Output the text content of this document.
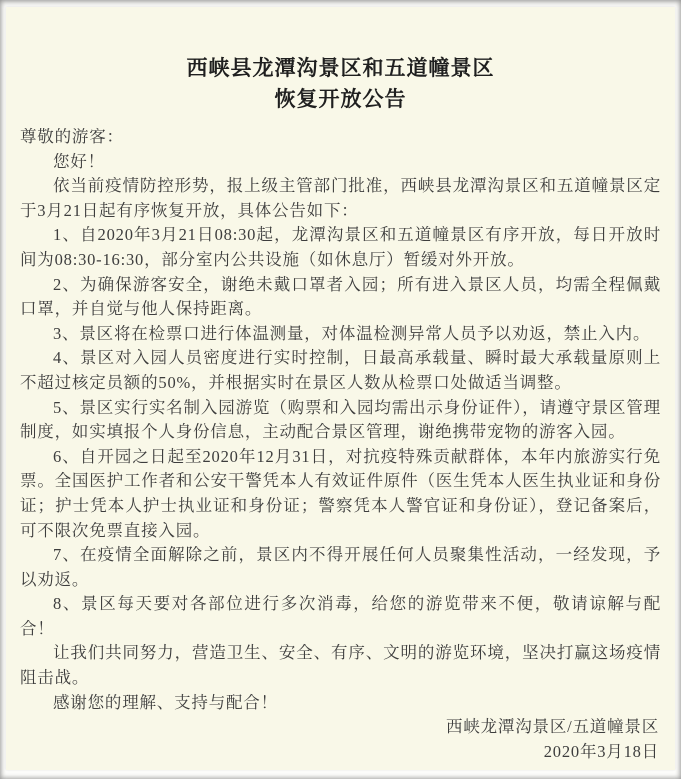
西峡县龙潭沟景区和五道幢景区
恢复开放公告

尊敬的游客：

您好！

依当前疫情防控形势，报上级主管部门批准，西峡县龙潭沟景区和五道幢景区定于3月21日起有序恢复开放，具体公告如下：

1、自2020年3月21日08:30起，龙潭沟景区和五道幢景区有序开放，每日开放时间为08:30-16:30，部分室内公共设施（如休息厅）暂缓对外开放。

2、为确保游客安全，谢绝未戴口罩者入园；所有进入景区人员，均需全程佩戴口罩，并自觉与他人保持距离。

3、景区将在检票口进行体温测量，对体温检测异常人员予以劝返，禁止入内。

4、景区对入园人员密度进行实时控制，日最高承载量、瞬时最大承载量原则上不超过核定员额的50%，并根据实时在景区人数从检票口处做适当调整。

5、景区实行实名制入园游览（购票和入园均需出示身份证件），请遵守景区管理制度，如实填报个人身份信息，主动配合景区管理，谢绝携带宠物的游客入园。

6、自开园之日起至2020年12月31日，对抗疫特殊贡献群体，本年内旅游实行免票。全国医护工作者和公安干警凭本人有效证件原件（医生凭本人医生执业证和身份证；护士凭本人护士执业证和身份证；警察凭本人警官证和身份证），登记备案后，可不限次免票直接入园。

7、在疫情全面解除之前，景区内不得开展任何人员聚集性活动，一经发现，予以劝返。

8、景区每天要对各部位进行多次消毒，给您的游览带来不便，敬请谅解与配合！

让我们共同努力，营造卫生、安全、有序、文明的游览环境，坚决打赢这场疫情阻击战。

感谢您的理解、支持与配合！

西峡龙潭沟景区/五道幢景区
2020年3月18日
